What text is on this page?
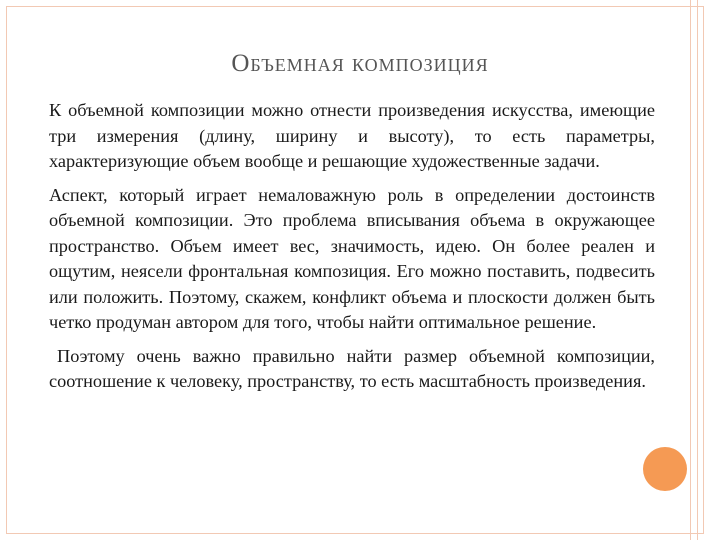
Объемная композиция

К объемной композиции можно отнести произведения искусства, имеющие три измерения (длину, ширину и высоту), то есть параметры, характеризующие объем вообще и решающие художественные задачи.

Аспект, который играет немаловажную роль в определении достоинств объемной композиции. Это проблема вписывания объема в окружающее пространство. Объем имеет вес, значимость, идею. Он более реален и ощутим, неясели фронтальная композиция. Его можно поставить, подвесить или положить. Поэтому, скажем, конфликт объема и плоскости должен быть четко продуман автором для того, чтобы найти оптимальное решение.

Поэтому очень важно правильно найти размер объемной композиции, соотношение к человеку, пространству, то есть масштабность произведения.
